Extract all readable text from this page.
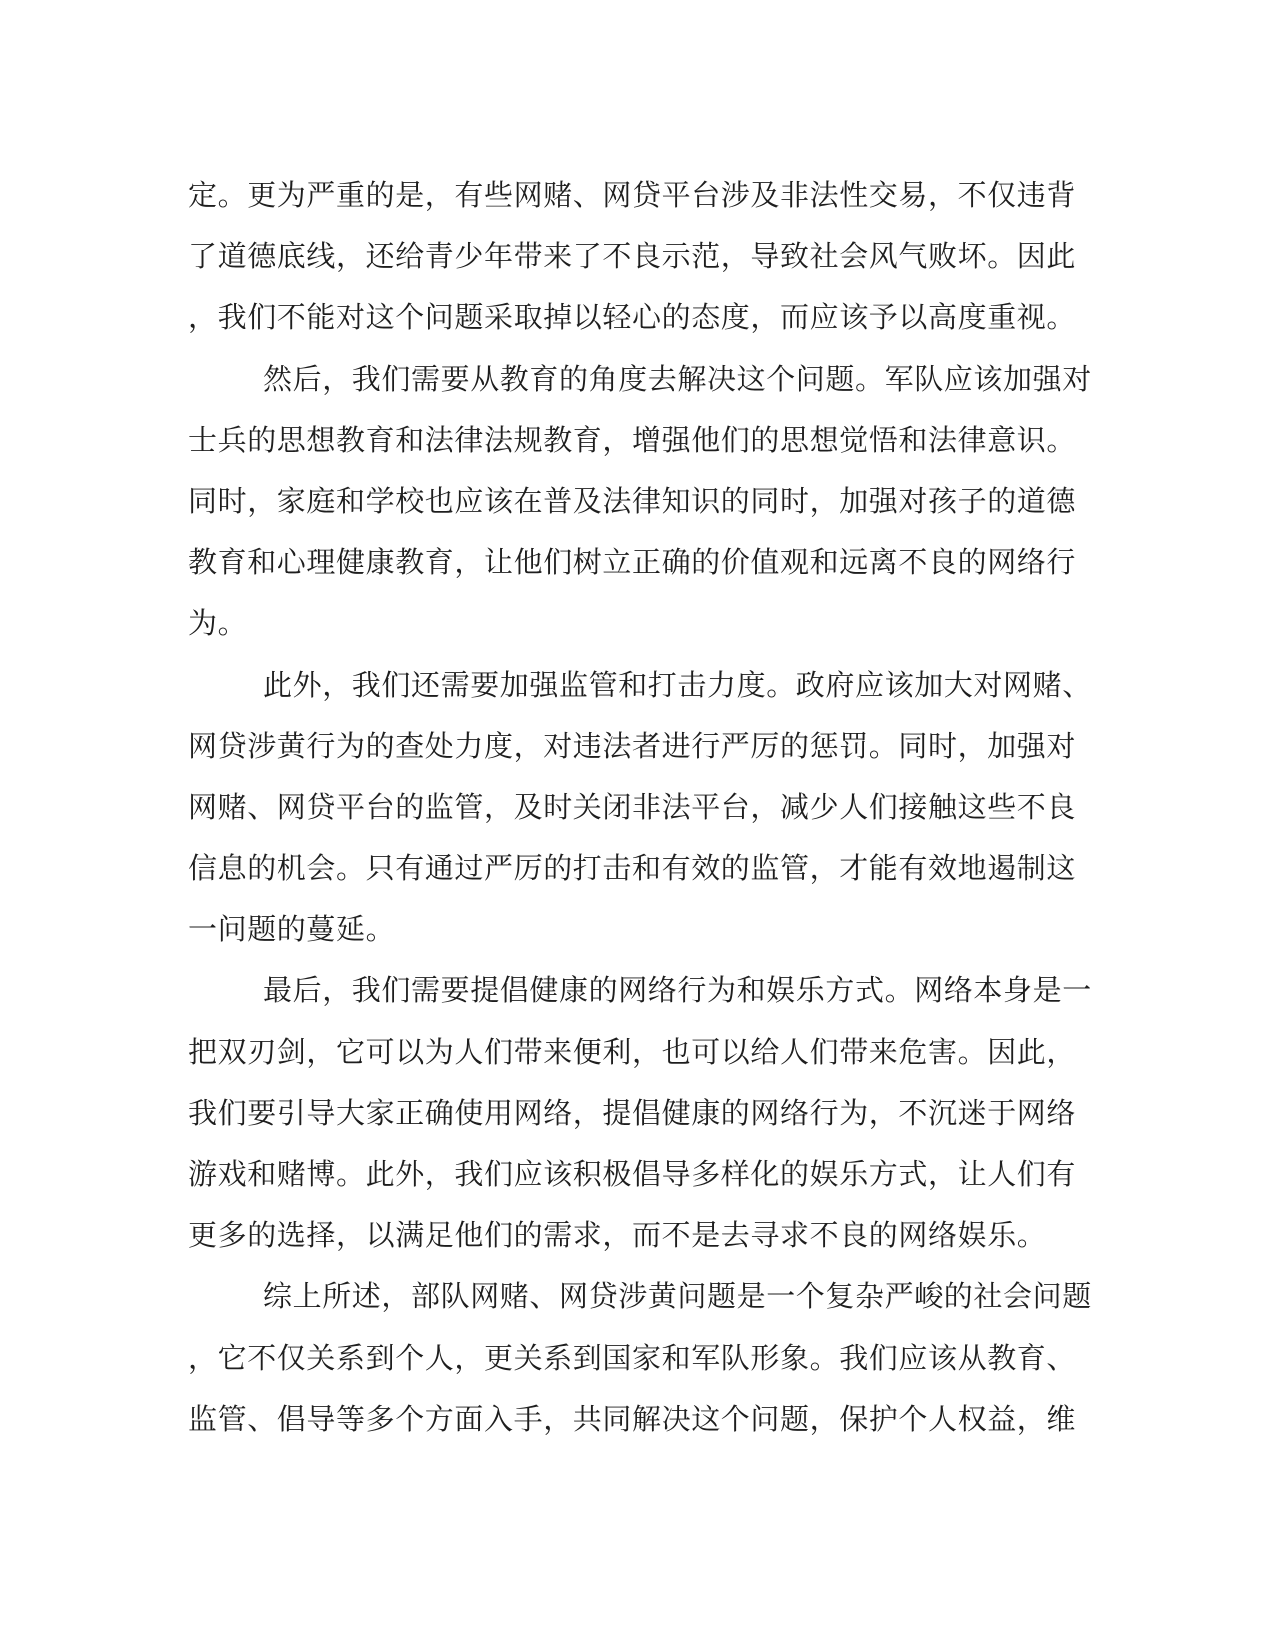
定。更为严重的是，有些网赌、网贷平台涉及非法性交易，不仅违背
了道德底线，还给青少年带来了不良示范，导致社会风气败坏。因此
，我们不能对这个问题采取掉以轻心的态度，而应该予以高度重视。
然后，我们需要从教育的角度去解决这个问题。军队应该加强对
士兵的思想教育和法律法规教育，增强他们的思想觉悟和法律意识。
同时，家庭和学校也应该在普及法律知识的同时，加强对孩子的道德
教育和心理健康教育，让他们树立正确的价值观和远离不良的网络行
为。
此外，我们还需要加强监管和打击力度。政府应该加大对网赌、
网贷涉黄行为的查处力度，对违法者进行严厉的惩罚。同时，加强对
网赌、网贷平台的监管，及时关闭非法平台，减少人们接触这些不良
信息的机会。只有通过严厉的打击和有效的监管，才能有效地遏制这
一问题的蔓延。
最后，我们需要提倡健康的网络行为和娱乐方式。网络本身是一
把双刃剑，它可以为人们带来便利，也可以给人们带来危害。因此，
我们要引导大家正确使用网络，提倡健康的网络行为，不沉迷于网络
游戏和赌博。此外，我们应该积极倡导多样化的娱乐方式，让人们有
更多的选择，以满足他们的需求，而不是去寻求不良的网络娱乐。
综上所述，部队网赌、网贷涉黄问题是一个复杂严峻的社会问题
，它不仅关系到个人，更关系到国家和军队形象。我们应该从教育、
监管、倡导等多个方面入手，共同解决这个问题，保护个人权益，维
